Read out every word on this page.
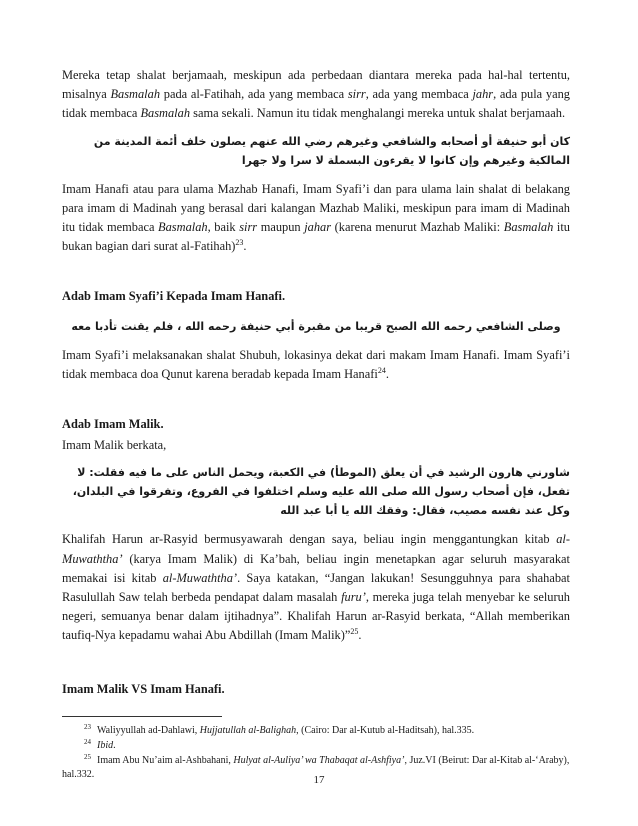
Mereka tetap shalat berjamaah, meskipun ada perbedaan diantara mereka pada hal-hal tertentu, misalnya Basmalah pada al-Fatihah, ada yang membaca sirr, ada yang membaca jahr, ada pula yang tidak membaca Basmalah sama sekali. Namun itu tidak menghalangi mereka untuk shalat berjamaah.

كان أبو حنيفة أو أصحابه والشافعي وغيرهم رضي الله عنهم يصلون خلف أئمة المدينة من المالكية وغيرهم وإن كانوا لا يقرءون البسملة لا سرا ولا جهرا

Imam Hanafi atau para ulama Mazhab Hanafi, Imam Syafi’i dan para ulama lain shalat di belakang para imam di Madinah yang berasal dari kalangan Mazhab Maliki, meskipun para imam di Madinah itu tidak membaca Basmalah, baik sirr maupun jahar (karena menurut Mazhab Maliki: Basmalah itu bukan bagian dari surat al-Fatihah)$^{23}$.

Adab Imam Syafi’i Kepada Imam Hanafi.

وصلى الشافعي رحمه الله الصبح قريبا من مقبرة أبي حنيفة رحمه الله ، فلم يقنت تأدبا معه

Imam Syafi’i melaksanakan shalat Shubuh, lokasinya dekat dari makam Imam Hanafi. Imam Syafi’i tidak membaca doa Qunut karena beradab kepada Imam Hanafi$^{24}$.

Adab Imam Malik.

Imam Malik berkata,

شاورني هارون الرشيد في أن يعلق (الموطأ) في الكعبة، ويحمل الناس على ما فيه فقلت: لا تفعل، فإن أصحاب رسول الله صلى الله عليه وسلم اختلفوا في الفروع، وتفرقوا في البلدان، وكل عند نفسه مصيب، فقال: وفقك الله يا أبا عبد الله

Khalifah Harun ar-Rasyid bermusyawarah dengan saya, beliau ingin menggantungkan kitab al-Muwaththa’ (karya Imam Malik) di Ka’bah, beliau ingin menetapkan agar seluruh masyarakat memakai isi kitab al-Muwaththa’. Saya katakan, “Jangan lakukan! Sesungguhnya para shahabat Rasulullah Saw telah berbeda pendapat dalam masalah furu’, mereka juga telah menyebar ke seluruh negeri, semuanya benar dalam ijtihadnya”. Khalifah Harun ar-Rasyid berkata, “Allah memberikan taufiq-Nya kepadamu wahai Abu Abdillah (Imam Malik)”$^{25}$.

Imam Malik VS Imam Hanafi.
$^{23}$ Waliyyullah ad-Dahlawi, Hujjatullah al-Balighah, (Cairo: Dar al-Kutub al-Haditsah), hal.335.
$^{24}$ Ibid.
$^{25}$ Imam Abu Nu’aim al-Ashbahani, Hulyat al-Auliya’ wa Thabaqat al-Ashfiya’, Juz.VI (Beirut: Dar al-Kitab al-‘Araby), hal.332.	17
